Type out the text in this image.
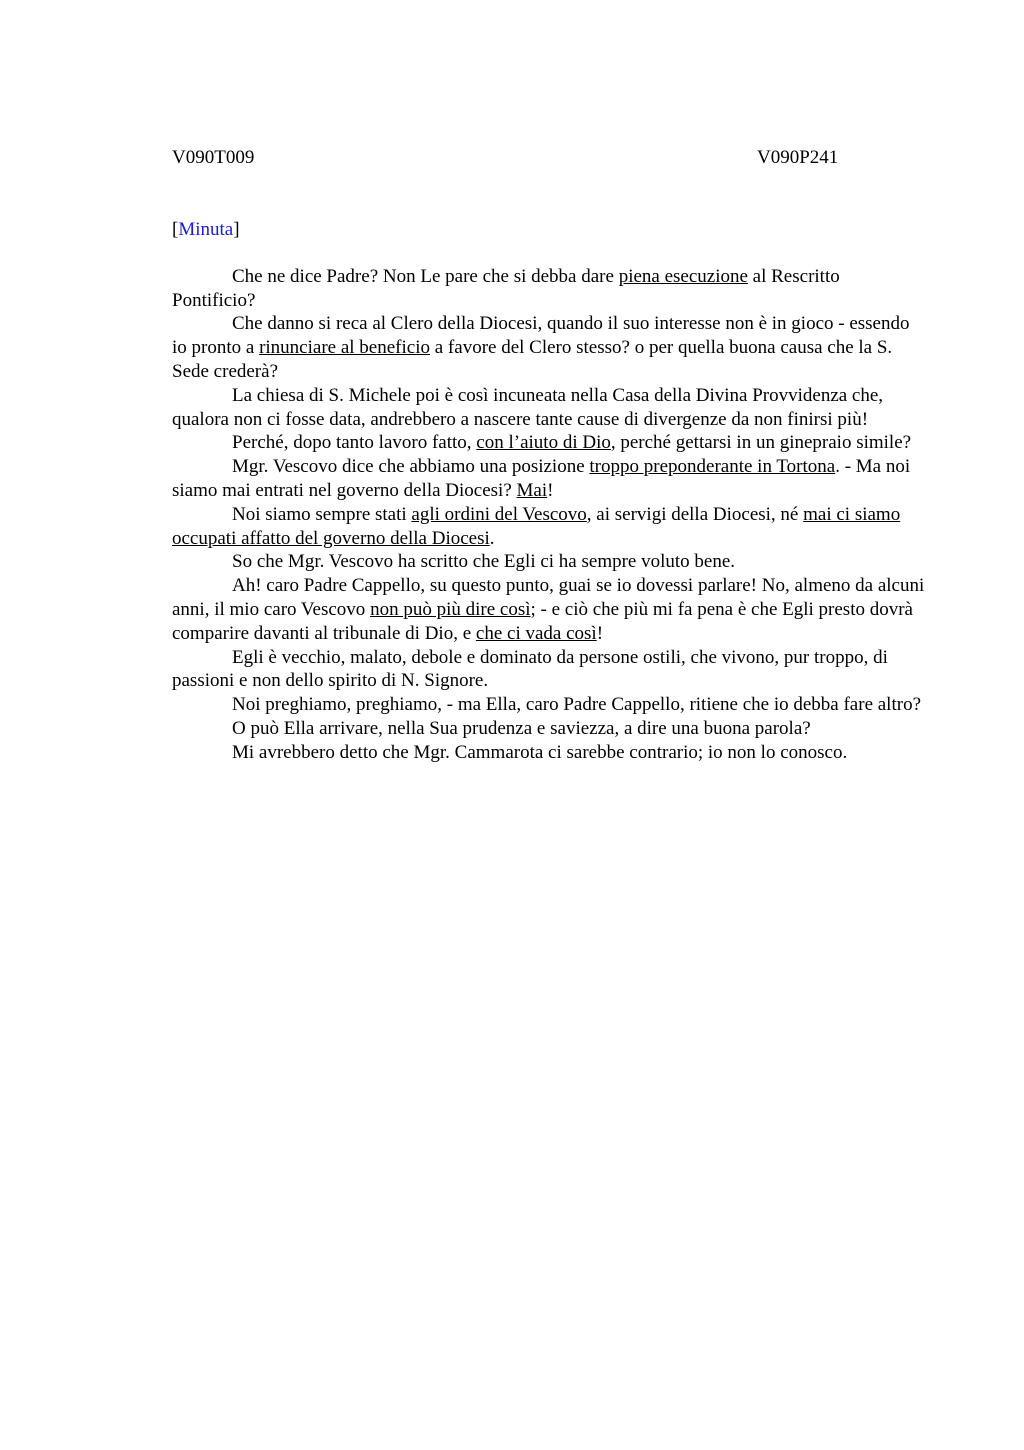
V090T009	V090P241
[Minuta]

Che ne dice Padre? Non Le pare che si debba dare piena esecuzione al Rescritto Pontificio?

Che danno si reca al Clero della Diocesi, quando il suo interesse non è in gioco - essendo io pronto a rinunciare al beneficio a favore del Clero stesso? o per quella buona causa che la S. Sede crederà?

La chiesa di S. Michele poi è così incuneata nella Casa della Divina Provvidenza che, qualora non ci fosse data, andrebbero a nascere tante cause di divergenze da non finirsi più!

Perché, dopo tanto lavoro fatto, con l’aiuto di Dio, perché gettarsi in un ginepraio simile?

Mgr. Vescovo dice che abbiamo una posizione troppo preponderante in Tortona. - Ma noi siamo mai entrati nel governo della Diocesi? Mai!

Noi siamo sempre stati agli ordini del Vescovo, ai servigi della Diocesi, né mai ci siamo occupati affatto del governo della Diocesi.

So che Mgr. Vescovo ha scritto che Egli ci ha sempre voluto bene.

Ah! caro Padre Cappello, su questo punto, guai se io dovessi parlare! No, almeno da alcuni anni, il mio caro Vescovo non può più dire così; - e ciò che più mi fa pena è che Egli presto dovrà comparire davanti al tribunale di Dio, e che ci vada così!

Egli è vecchio, malato, debole e dominato da persone ostili, che vivono, pur troppo, di passioni e non dello spirito di N. Signore.

Noi preghiamo, preghiamo, - ma Ella, caro Padre Cappello, ritiene che io debba fare altro?

O può Ella arrivare, nella Sua prudenza e saviezza, a dire una buona parola?

Mi avrebbero detto che Mgr. Cammarota ci sarebbe contrario; io non lo conosco.
